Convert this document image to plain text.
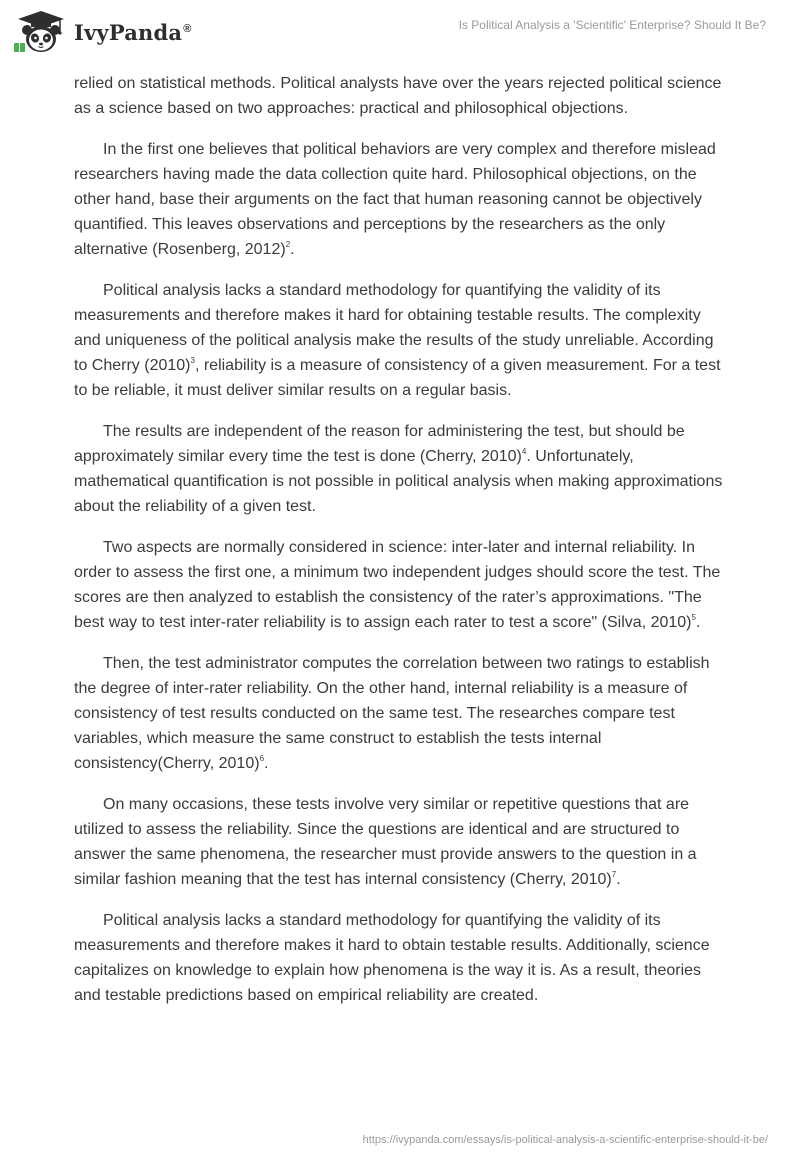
IvyPanda®	Is Political Analysis a 'Scientific' Enterprise? Should It Be?

relied on statistical methods. Political analysts have over the years rejected political science as a science based on two approaches: practical and philosophical objections.

In the first one believes that political behaviors are very complex and therefore mislead researchers having made the data collection quite hard. Philosophical objections, on the other hand, base their arguments on the fact that human reasoning cannot be objectively quantified. This leaves observations and perceptions by the researchers as the only alternative (Rosenberg, 2012)$^2$.

Political analysis lacks a standard methodology for quantifying the validity of its measurements and therefore makes it hard for obtaining testable results. The complexity and uniqueness of the political analysis make the results of the study unreliable. According to Cherry (2010)$^3$, reliability is a measure of consistency of a given measurement. For a test to be reliable, it must deliver similar results on a regular basis.

The results are independent of the reason for administering the test, but should be approximately similar every time the test is done (Cherry, 2010)$^4$. Unfortunately, mathematical quantification is not possible in political analysis when making approximations about the reliability of a given test.

Two aspects are normally considered in science: inter-later and internal reliability. In order to assess the first one, a minimum two independent judges should score the test. The scores are then analyzed to establish the consistency of the rater’s approximations. "The best way to test inter-rater reliability is to assign each rater to test a score" (Silva, 2010)$^5$.

Then, the test administrator computes the correlation between two ratings to establish the degree of inter-rater reliability. On the other hand, internal reliability is a measure of consistency of test results conducted on the same test. The researches compare test variables, which measure the same construct to establish the tests internal consistency(Cherry, 2010)$^6$.

On many occasions, these tests involve very similar or repetitive questions that are utilized to assess the reliability. Since the questions are identical and are structured to answer the same phenomena, the researcher must provide answers to the question in a similar fashion meaning that the test has internal consistency (Cherry, 2010)$^7$.

Political analysis lacks a standard methodology for quantifying the validity of its measurements and therefore makes it hard to obtain testable results. Additionally, science capitalizes on knowledge to explain how phenomena is the way it is. As a result, theories and testable predictions based on empirical reliability are created.

https://ivypanda.com/essays/is-political-analysis-a-scientific-enterprise-should-it-be/
